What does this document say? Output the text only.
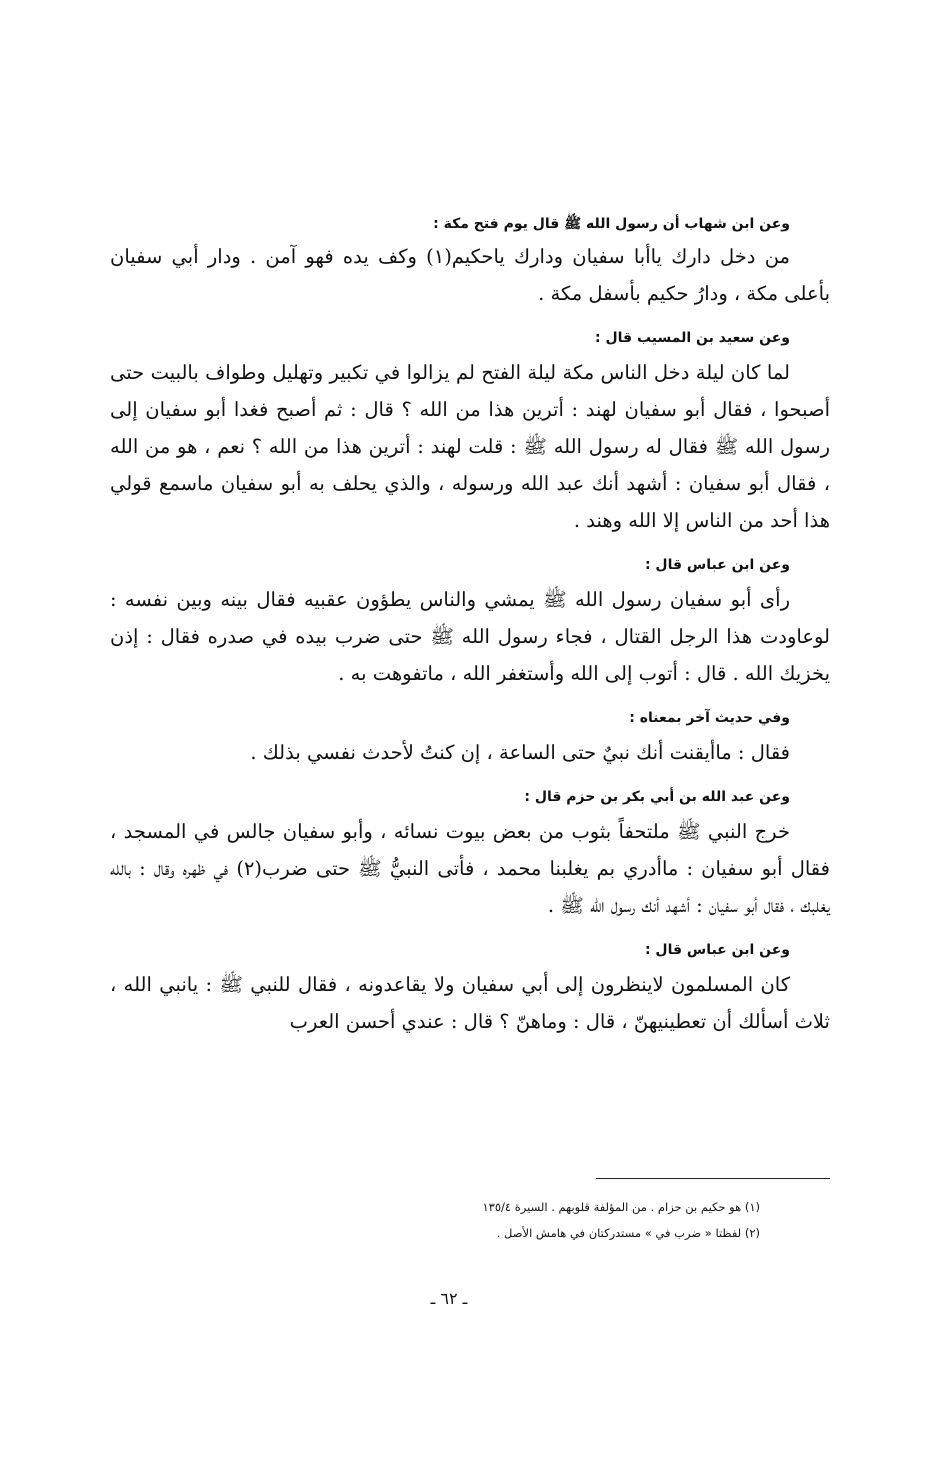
وعن ابن شهاب أن رسول الله ﷺ قال يوم فتح مكة :

من دخل دارك ياأبا سفيان ودارك ياحكيم(١) وكف يده فهو آمن . ودار أبي سفيان بأعلى مكة ، ودارُ حكيم بأسفل مكة .

وعن سعيد بن المسيب قال :

لما كان ليلة دخل الناس مكة ليلة الفتح لم يزالوا في تكبير وتهليل وطواف بالبيت حتى أصبحوا ، فقال أبو سفيان لهند : أترين هذا من الله ؟ قال : ثم أصبح فغدا أبو سفيان إلى رسول الله ﷺ فقال له رسول الله ﷺ : قلت لهند : أترين هذا من الله ؟ نعم ، هو من الله ، فقال أبو سفيان : أشهد أنك عبد الله ورسوله ، والذي يحلف به أبو سفيان ماسمع قولي هذا أحد من الناس إلا الله وهند .

وعن ابن عباس قال :

رأى أبو سفيان رسول الله ﷺ يمشي والناس يطؤون عقبيه فقال بينه وبين نفسه : لوعاودت هذا الرجل القتال ، فجاء رسول الله ﷺ حتى ضرب بيده في صدره فقال : إذن يخزيك الله . قال : أتوب إلى الله وأستغفر الله ، ماتفوهت به .

وفي حديث آخر بمعناه :

فقال : ماأيقنت أنك نبيٌ حتى الساعة ، إن كنتُ لأحدث نفسي بذلك .

وعن عبد الله بن أبي بكر بن حزم قال :

خرج النبي ﷺ ملتحفاً بثوب من بعض بيوت نسائه ، وأبو سفيان جالس في المسجد ، فقال أبو سفيان : ماأدري بم يغلبنا محمد ، فأتى النبيُّ ﷺ حتى ضرب(٢) في ظهره وقال : بالله يغلبك ، فقال أبو سفيان : أشهد أنك رسول الله ﷺ .

وعن ابن عباس قال :

كان المسلمون لاينظرون إلى أبي سفيان ولا يقاعدونه ، فقال للنبي ﷺ : يانبي الله ، ثلاث أسألك أن تعطينيهنّ ، قال : وماهنّ ؟ قال : عندي أحسن العرب

(١) هو حكيم بن حزام . من المؤلفة قلوبهم . السيرة ١٣٥/٤

(٢) لفظتا « ضرب في » مستدركتان في هامش الأصل .

ـ ٦٢ ـ
